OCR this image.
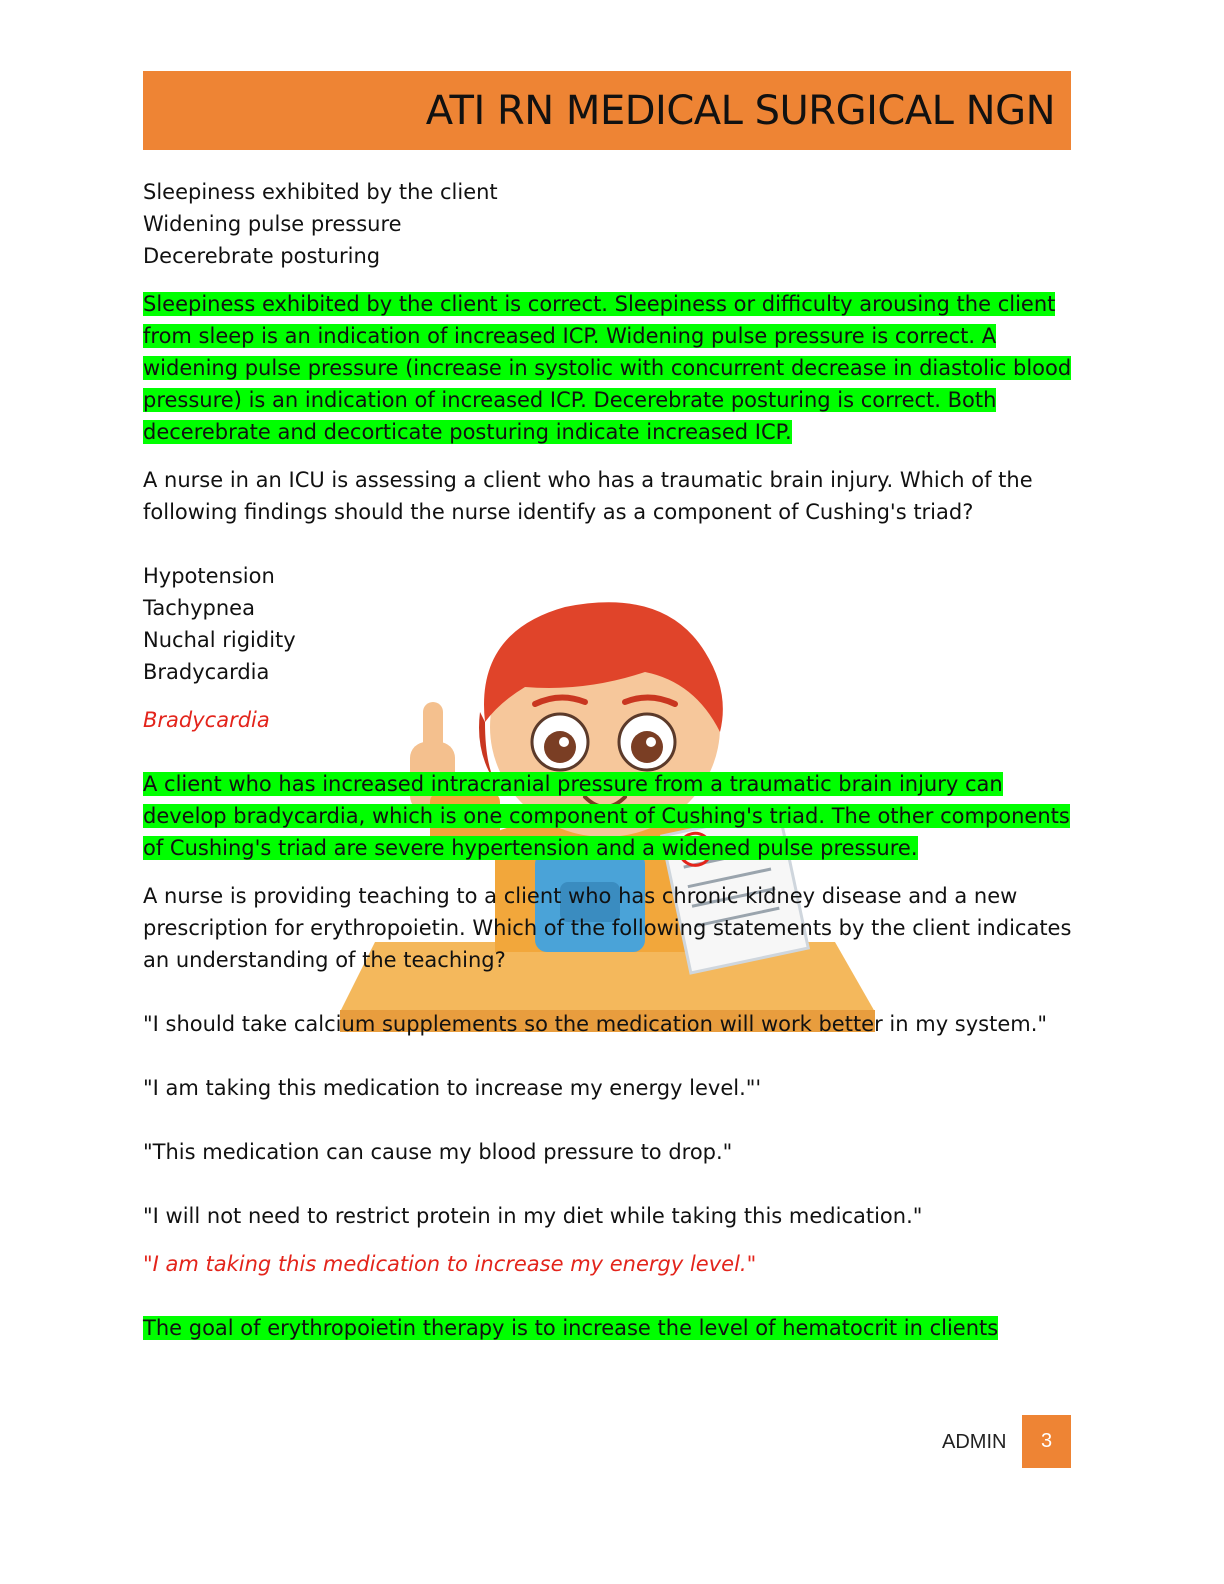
ATI RN MEDICAL SURGICAL NGN
Sleepiness exhibited by the client
Widening pulse pressure
Decerebrate posturing

Sleepiness exhibited by the client is correct. Sleepiness or difficulty arousing the client from sleep is an indication of increased ICP. Widening pulse pressure is correct. A widening pulse pressure (increase in systolic with concurrent decrease in diastolic blood pressure) is an indication of increased ICP. Decerebrate posturing is correct. Both decerebrate and decorticate posturing indicate increased ICP.

A nurse in an ICU is assessing a client who has a traumatic brain injury. Which of the following findings should the nurse identify as a component of Cushing's triad?

Hypotension
Tachypnea
Nuchal rigidity
Bradycardia

Bradycardia

A client who has increased intracranial pressure from a traumatic brain injury can develop bradycardia, which is one component of Cushing's triad. The other components of Cushing's triad are severe hypertension and a widened pulse pressure.

A nurse is providing teaching to a client who has chronic kidney disease and a new prescription for erythropoietin. Which of the following statements by the client indicates an understanding of the teaching?

"I should take calcium supplements so the medication will work better in my system."

"I am taking this medication to increase my energy level."'

"This medication can cause my blood pressure to drop."

"I will not need to restrict protein in my diet while taking this medication."

"I am taking this medication to increase my energy level."

The goal of erythropoietin therapy is to increase the level of hematocrit in clients

ADMIN	3
